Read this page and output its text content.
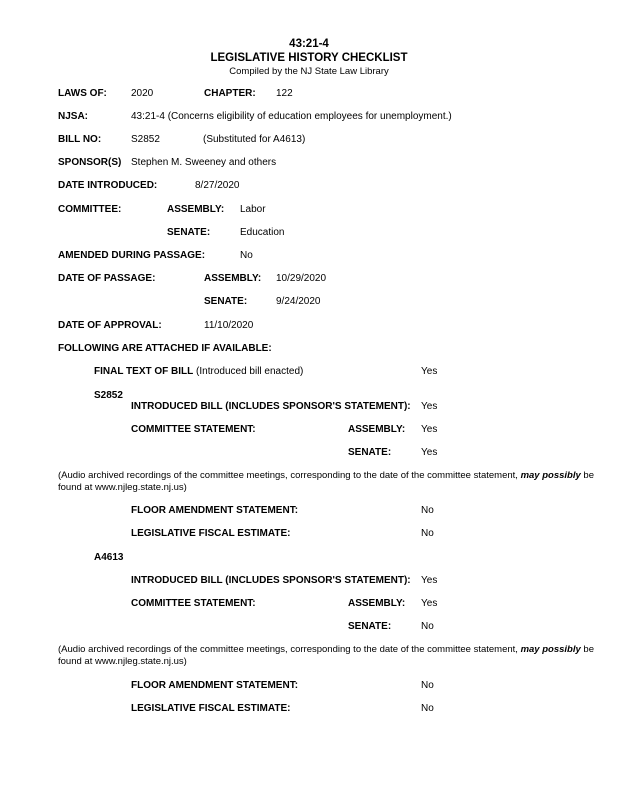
43:21-4
LEGISLATIVE HISTORY CHECKLIST
Compiled by the NJ State Law Library
LAWS OF: 2020	CHAPTER: 122
NJSA:	43:21-4 (Concerns eligibility of education employees for unemployment.)
BILL NO:	S2852	(Substituted for A4613)
SPONSOR(S) Stephen M. Sweeney and others
DATE INTRODUCED:	8/27/2020
COMMITTEE:	ASSEMBLY: Labor
SENATE:	Education
AMENDED DURING PASSAGE:	No
DATE OF PASSAGE:	ASSEMBLY: 10/29/2020
SENATE:	9/24/2020
DATE OF APPROVAL:	11/10/2020
FOLLOWING ARE ATTACHED IF AVAILABLE:
FINAL TEXT OF BILL (Introduced bill enacted)	Yes
S2852
INTRODUCED BILL (INCLUDES SPONSOR'S STATEMENT): Yes
COMMITTEE STATEMENT:	ASSEMBLY: Yes
SENATE:	Yes
(Audio archived recordings of the committee meetings, corresponding to the date of the committee statement, may possibly be found at www.njleg.state.nj.us)
FLOOR AMENDMENT STATEMENT:	No
LEGISLATIVE FISCAL ESTIMATE:	No
A4613
INTRODUCED BILL (INCLUDES SPONSOR'S STATEMENT): Yes
COMMITTEE STATEMENT:	ASSEMBLY: Yes
SENATE:	No
(Audio archived recordings of the committee meetings, corresponding to the date of the committee statement, may possibly be found at www.njleg.state.nj.us)
FLOOR AMENDMENT STATEMENT:	No
LEGISLATIVE FISCAL ESTIMATE:	No
